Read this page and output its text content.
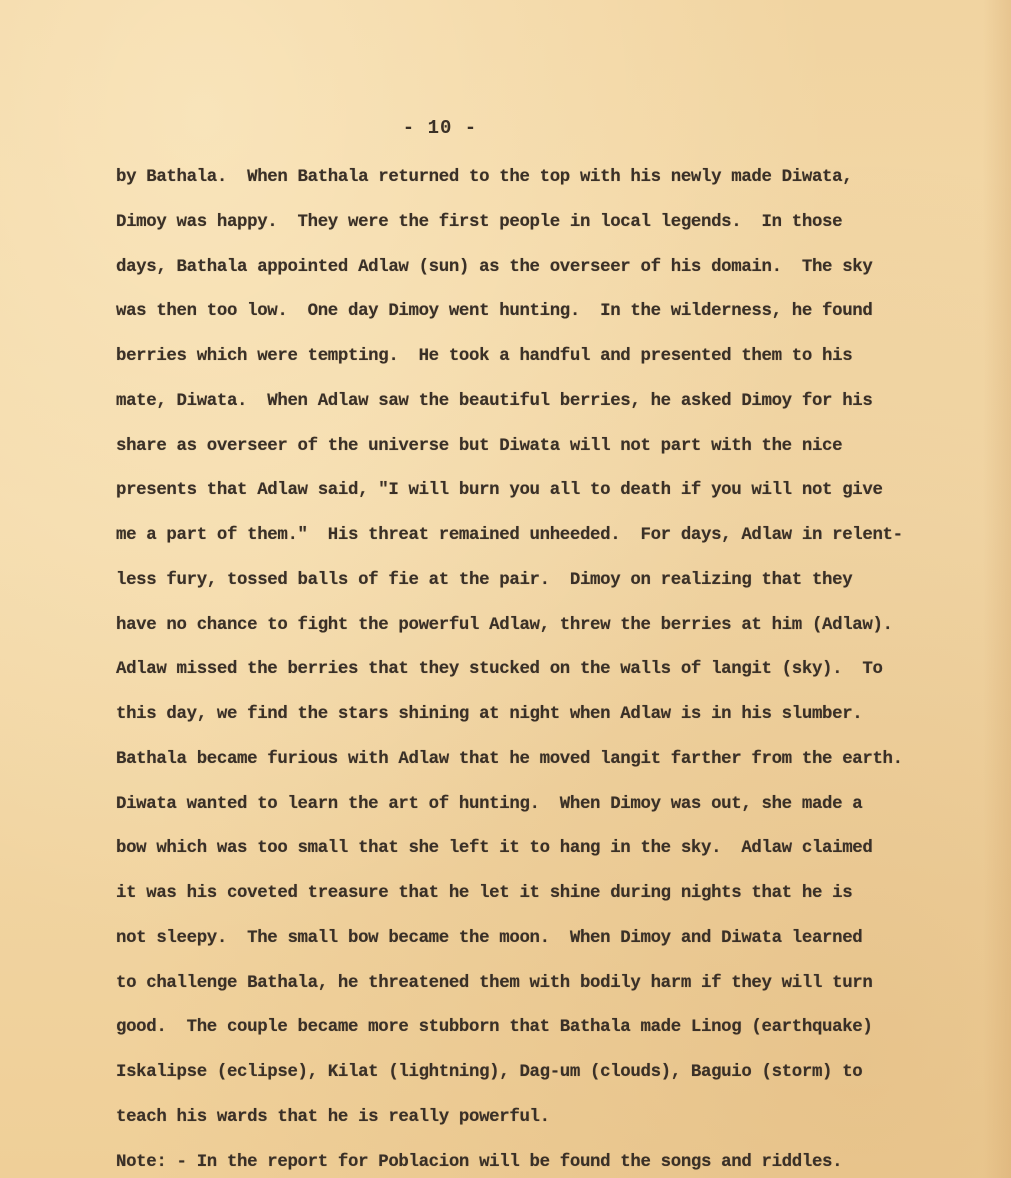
- 10 -
by Bathala.  When Bathala returned to the top with his newly made Diwata,
Dimoy was happy.  They were the first people in local legends.  In those
days, Bathala appointed Adlaw (sun) as the overseer of his domain.  The sky
was then too low.  One day Dimoy went hunting.  In the wilderness, he found
berries which were tempting.  He took a handful and presented them to his
mate, Diwata.  When Adlaw saw the beautiful berries, he asked Dimoy for his
share as overseer of the universe but Diwata will not part with the nice
presents that Adlaw said, "I will burn you all to death if you will not give
me a part of them."  His threat remained unheeded.  For days, Adlaw in relent-
less fury, tossed balls of fie at the pair.  Dimoy on realizing that they
have no chance to fight the powerful Adlaw, threw the berries at him (Adlaw).
Adlaw missed the berries that they stucked on the walls of langit (sky).  To
this day, we find the stars shining at night when Adlaw is in his slumber.
Bathala became furious with Adlaw that he moved langit farther from the earth.
Diwata wanted to learn the art of hunting.  When Dimoy was out, she made a
bow which was too small that she left it to hang in the sky.  Adlaw claimed
it was his coveted treasure that he let it shine during nights that he is
not sleepy.  The small bow became the moon.  When Dimoy and Diwata learned
to challenge Bathala, he threatened them with bodily harm if they will turn
good.  The couple became more stubborn that Bathala made Linog (earthquake)
Iskalipse (eclipse), Kilat (lightning), Dag-um (clouds), Baguio (storm) to
teach his wards that he is really powerful.
Note: - In the report for Poblacion will be found the songs and riddles.
